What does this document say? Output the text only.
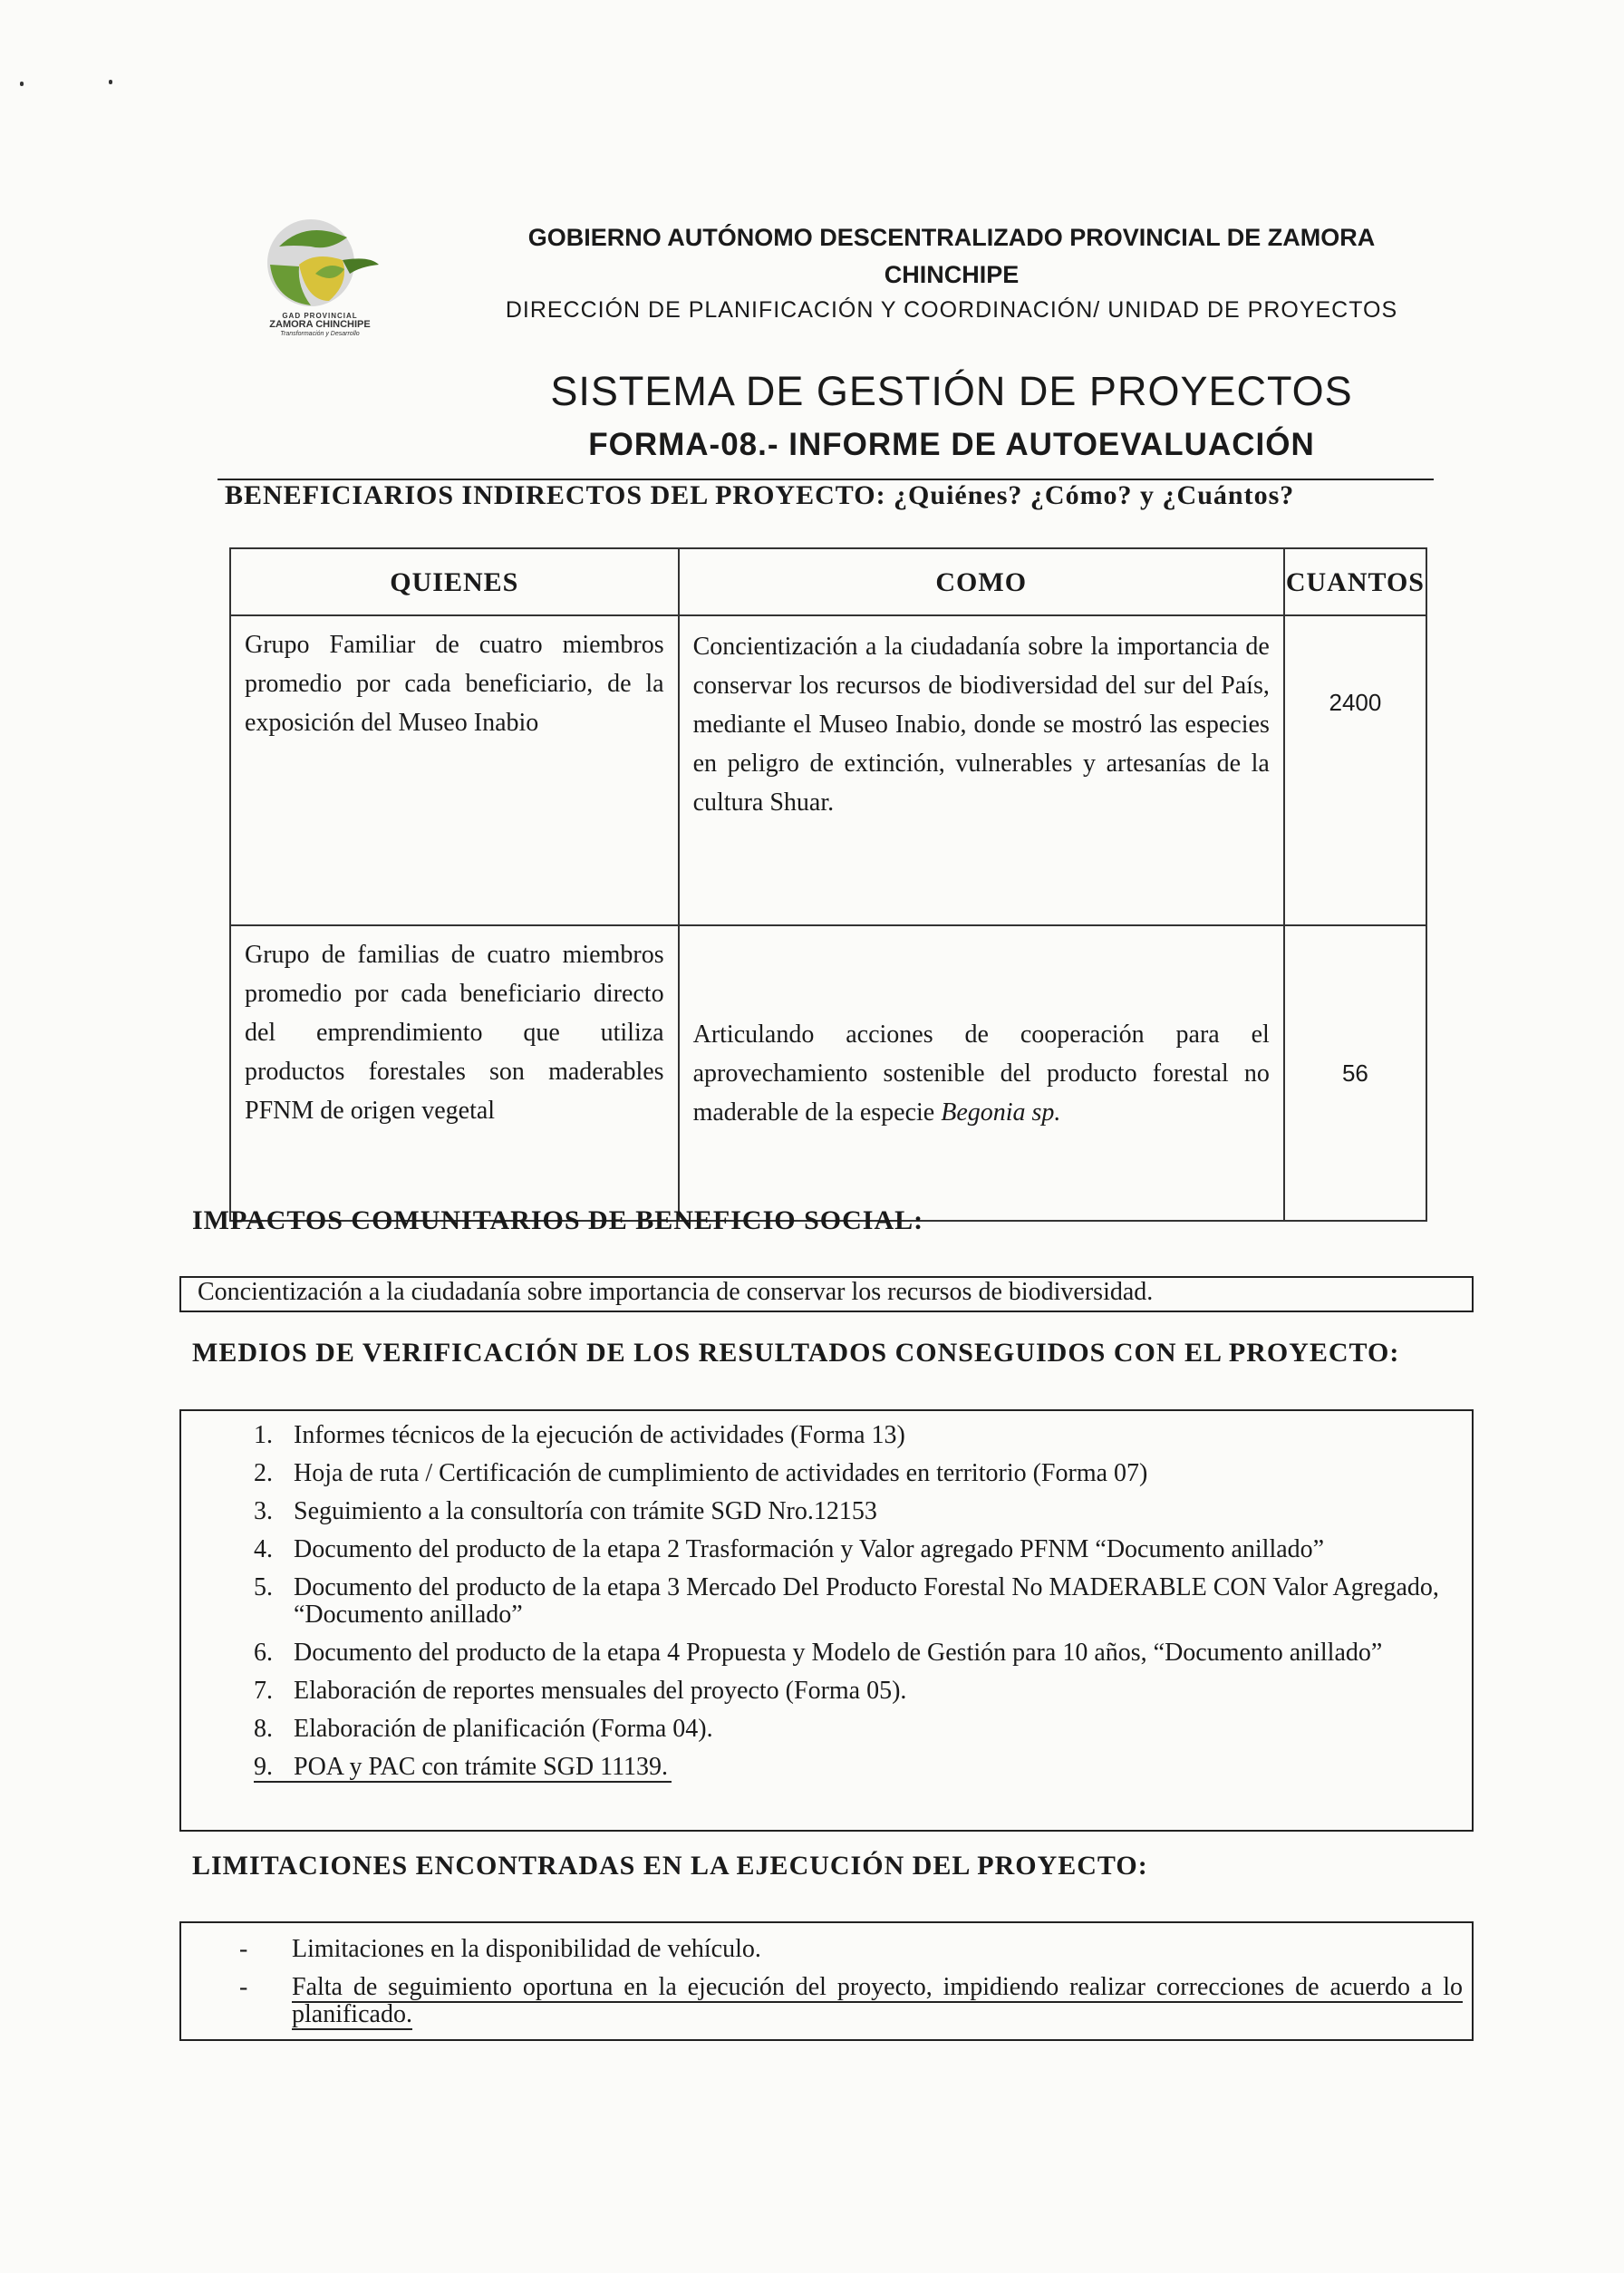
GAD PROVINCIAL
ZAMORA CHINCHIPE
Transformación y Desarrollo
GOBIERNO AUTÓNOMO DESCENTRALIZADO PROVINCIAL DE ZAMORA CHINCHIPE
DIRECCIÓN DE PLANIFICACIÓN Y COORDINACIÓN/ UNIDAD DE PROYECTOS
SISTEMA DE GESTIÓN DE PROYECTOS
FORMA-08.- INFORME DE AUTOEVALUACIÓN
BENEFICIARIOS INDIRECTOS DEL PROYECTO: ¿Quiénes? ¿Cómo? y ¿Cuántos?
QUIENES	COMO	CUANTOS
Grupo Familiar de cuatro miembros promedio por cada beneficiario, de la exposición del Museo Inabio	Concientización a la ciudadanía sobre la importancia de conservar los recursos de biodiversidad del sur del País, mediante el Museo Inabio, donde se mostró las especies en peligro de extinción, vulnerables y artesanías de la cultura Shuar.	2400
Grupo de familias de cuatro miembros promedio por cada beneficiario directo del emprendimiento que utiliza productos forestales son maderables PFNM de origen vegetal	Articulando acciones de cooperación para el aprovechamiento sostenible del producto forestal no maderable de la especie Begonia sp.	56
IMPACTOS COMUNITARIOS DE BENEFICIO SOCIAL:
Concientización a la ciudadanía sobre importancia de conservar los recursos de biodiversidad.
MEDIOS DE VERIFICACIÓN DE LOS RESULTADOS CONSEGUIDOS CON EL PROYECTO:
1. Informes técnicos de la ejecución de actividades (Forma 13)
2. Hoja de ruta / Certificación de cumplimiento de actividades en territorio (Forma 07)
3. Seguimiento a la consultoría con trámite SGD Nro.12153
4. Documento del producto de la etapa 2 Trasformación y Valor agregado PFNM “Documento anillado”
5. Documento del producto de la etapa 3 Mercado Del Producto Forestal No MADERABLE CON Valor Agregado, “Documento anillado”
6. Documento del producto de la etapa 4 Propuesta y Modelo de Gestión para 10 años, “Documento anillado”
7. Elaboración de reportes mensuales del proyecto (Forma 05).
8. Elaboración de planificación (Forma 04).
9. POA y PAC con trámite SGD 11139.
LIMITACIONES ENCONTRADAS EN LA EJECUCIÓN DEL PROYECTO:
- Limitaciones en la disponibilidad de vehículo.
- Falta de seguimiento oportuna en la ejecución del proyecto, impidiendo realizar correcciones de acuerdo a lo planificado.
